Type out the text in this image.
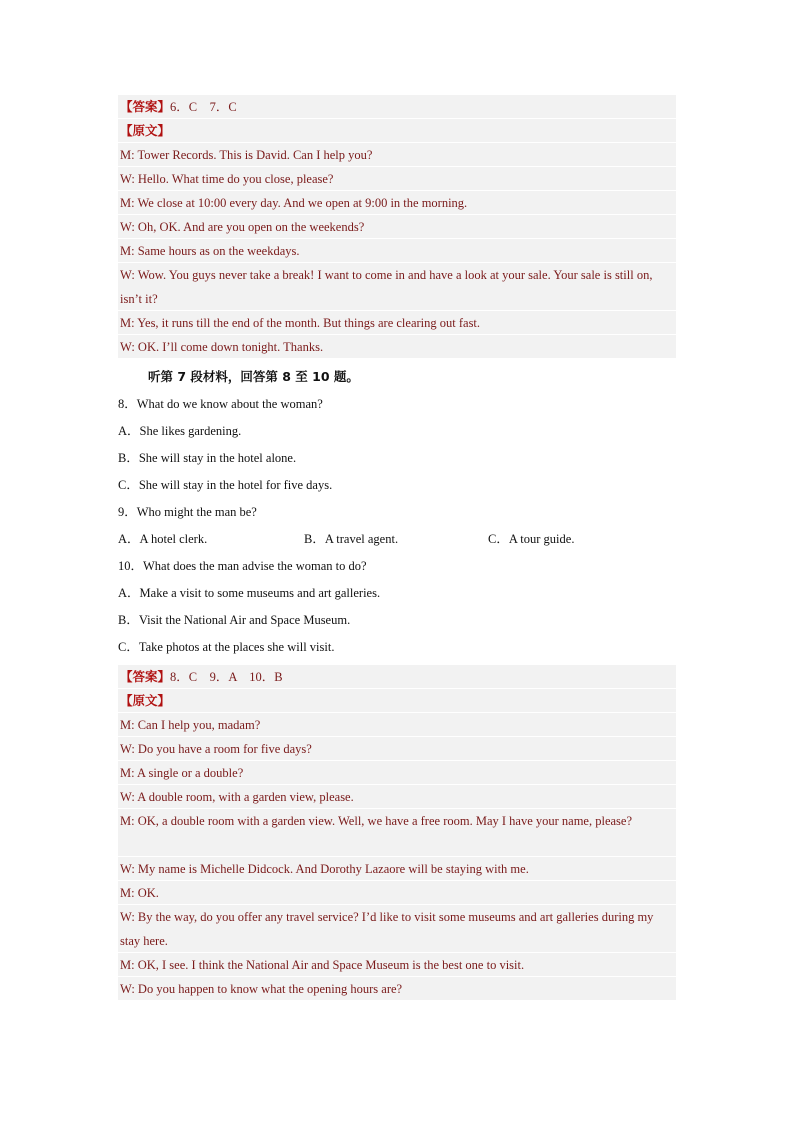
【答案】6．C　7．C
【原文】
M: Tower Records. This is David. Can I help you?
W: Hello. What time do you close, please?
M: We close at 10:00 every day. And we open at 9:00 in the morning.
W: Oh, OK. And are you open on the weekends?
M: Same hours as on the weekdays.
W: Wow. You guys never take a break! I want to come in and have a look at your sale. Your sale is still on, isn’t it?
M: Yes, it runs till the end of the month. But things are clearing out fast.
W: OK. I’ll come down tonight. Thanks.
听第 7 段材料，回答第 8 至 10 题。
8．What do we know about the woman?
A．She likes gardening.
B．She will stay in the hotel alone.
C．She will stay in the hotel for five days.
9．Who might the man be?
A．A hotel clerk.	B．A travel agent.	C．A tour guide.
10．What does the man advise the woman to do?
A．Make a visit to some museums and art galleries.
B．Visit the National Air and Space Museum.
C．Take photos at the places she will visit.
【答案】8．C　9．A　10．B
【原文】
M: Can I help you, madam?
W: Do you have a room for five days?
M: A single or a double?
W: A double room, with a garden view, please.
M: OK, a double room with a garden view. Well, we have a free room. May I have your name, please?
W: My name is Michelle Didcock. And Dorothy Lazaore will be staying with me.
M: OK.
W: By the way, do you offer any travel service? I’d like to visit some museums and art galleries during my stay here.
M: OK, I see. I think the National Air and Space Museum is the best one to visit.
W: Do you happen to know what the opening hours are?
